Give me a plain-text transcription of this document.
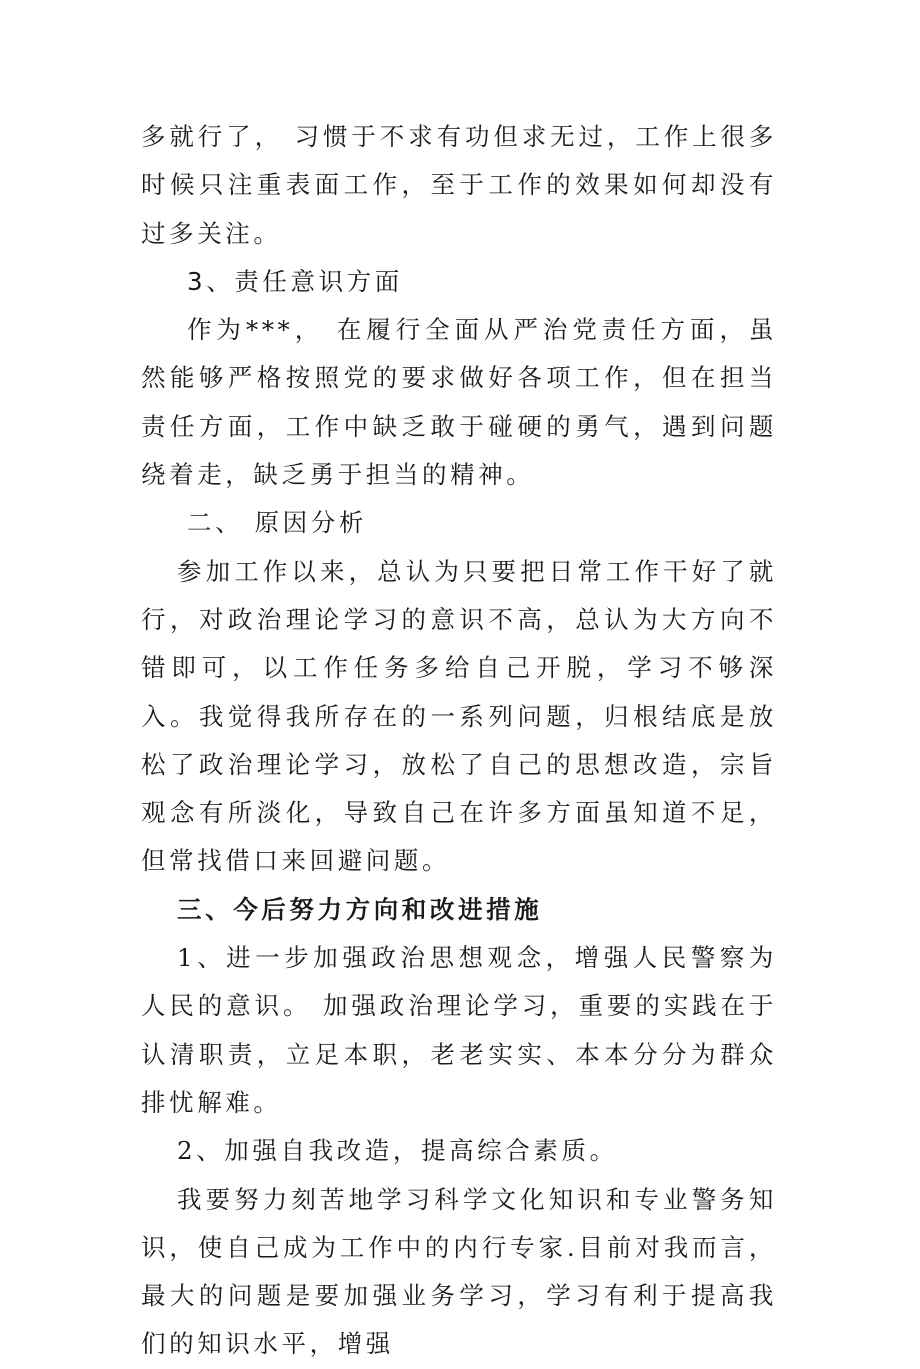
多就行了， 习惯于不求有功但求无过，工作上很多时候只注重表面工作，至于工作的效果如何却没有过多关注。

3、责任意识方面

作为***， 在履行全面从严治党责任方面，虽然能够严格按照党的要求做好各项工作，但在担当责任方面，工作中缺乏敢于碰硬的勇气，遇到问题绕着走，缺乏勇于担当的精神。

二、 原因分析

参加工作以来，总认为只要把日常工作干好了就行，对政治理论学习的意识不高，总认为大方向不错即可，以工作任务多给自己开脱，学习不够深入。我觉得我所存在的一系列问题，归根结底是放松了政治理论学习，放松了自己的思想改造，宗旨观念有所淡化，导致自己在许多方面虽知道不足，但常找借口来回避问题。

三、今后努力方向和改进措施

1、进一步加强政治思想观念，增强人民警察为人民的意识。 加强政治理论学习，重要的实践在于认清职责，立足本职，老老实实、本本分分为群众排忧解难。

2、加强自我改造，提高综合素质。

我要努力刻苦地学习科学文化知识和专业警务知识，使自己成为工作中的内行专家.目前对我而言，最大的问题是要加强业务学习，学习有利于提高我们的知识水平，增强
